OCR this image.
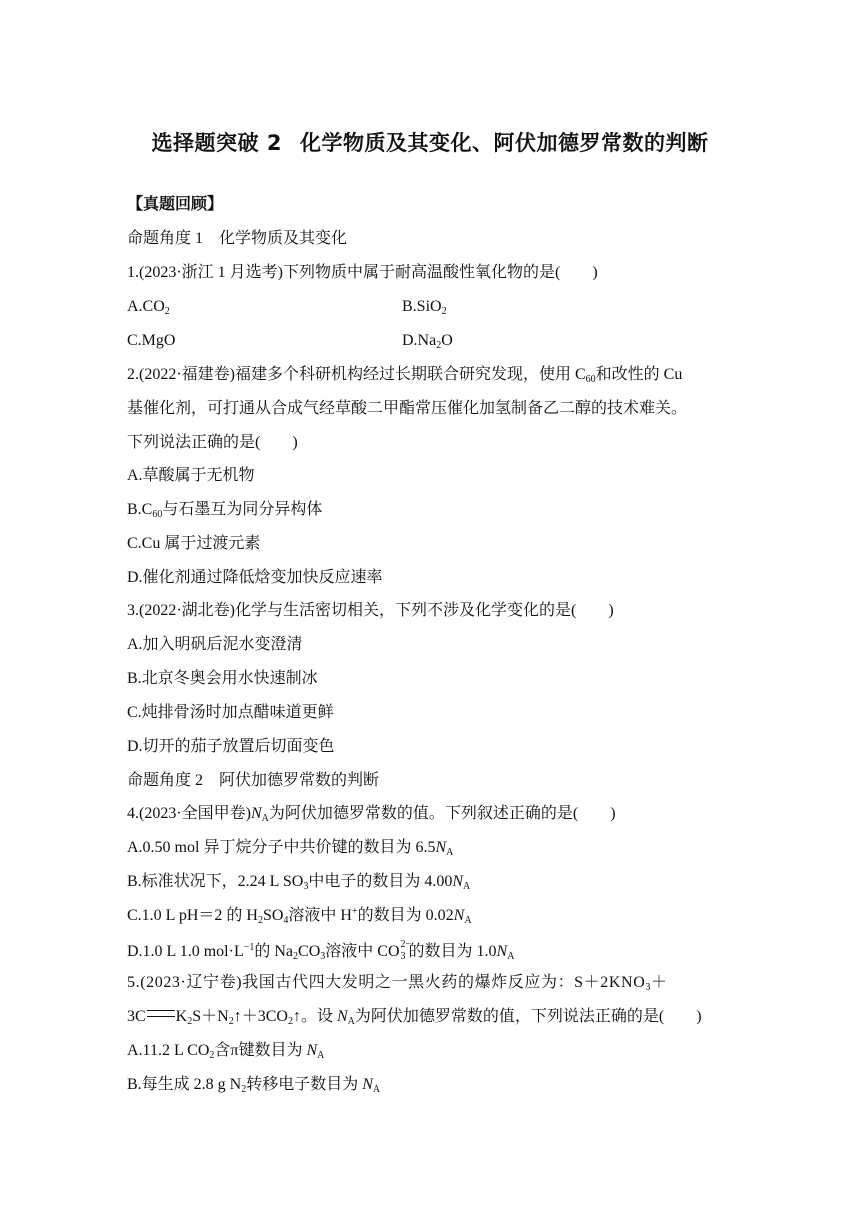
选择题突破 2 化学物质及其变化、阿伏加德罗常数的判断
【真题回顾】
命题角度 1　化学物质及其变化
1.(2023·浙江 1 月选考)下列物质中属于耐高温酸性氧化物的是( )
$A.CO_2$	B.SiO$_2$
C.MgO	$D.Na_2O$
2.(2022·福建卷)福建多个科研机构经过长期联合研究发现，使用 $C_{60}$和改性的 Cu
基催化剂，可打通从合成气经草酸二甲酯常压催化加氢制备乙二醇的技术难关。
下列说法正确的是( )
A.草酸属于无机物
$B.C_{60}$与石墨互为同分异构体
C.Cu 属于过渡元素
D.催化剂通过降低焓变加快反应速率
3.(2022·湖北卷)化学与生活密切相关，下列不涉及化学变化的是( )
A.加入明矾后泥水变澄清
B.北京冬奥会用水快速制冰
C.炖排骨汤时加点醋味道更鲜
D.切开的茄子放置后切面变色
命题角度 2　阿伏加德罗常数的判断
4.(2023·全国甲卷)$N_A$为阿伏加德罗常数的值。下列叙述正确的是( )
A.0.50 mol 异丁烷分子中共价键的数目为 $6.5N_A$
B.标准状况下，2.24 L $SO_3$中电子的数目为 $4.00N_A$
C.1.0 L pH＝2 的 $H_2SO_4$溶液中 H+的数目为 $0.02N_A$
D.1.0 L 1.0 $mol\cdot L^{-1}$的 $Na_2CO_3$溶液中 CO 2−
3 的数目为 $1.0N_A$
5.(2023·辽宁卷)我国古代四大发明之一黑火药的爆炸反应为：$S+2KNO_3+$
3C $K_2S+N_2↑+3CO_2↑$。设 $N_A$为阿伏加德罗常数的值，下列说法正确的是( )
A.11.2 L $CO_2$含π键数目为 $N_A$
B.每生成 2.8 g $N_2$转移电子数目为 $N_A$
